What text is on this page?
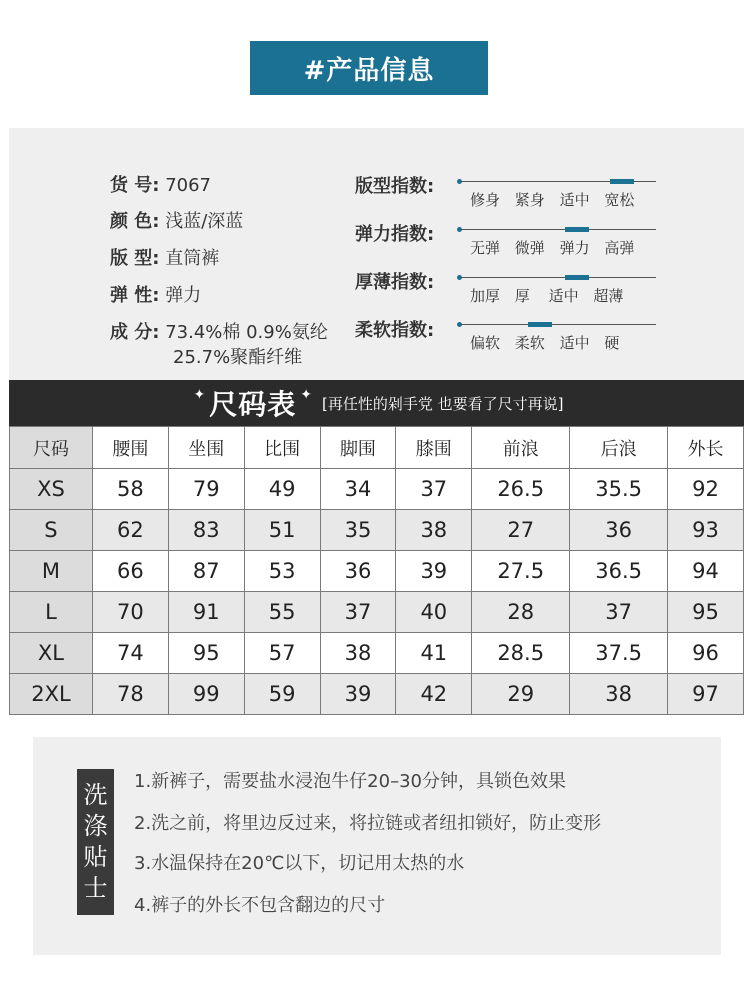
#产品信息
货 号: 7067
颜 色: 浅蓝/深蓝
版 型: 直筒裤
弹 性: 弹力
成 分: 73.4%棉 0.9%氨纶
25.7%聚酯纤维
版型指数:
修身 紧身 适中 宽松
弹力指数:
无弹 微弹 弹力 高弹
厚薄指数:
加厚 厚 适中 超薄
柔软指数:
偏软 柔软 适中 硬
✦ 尺码表 ✦ [再任性的剁手党 也要看了尺寸再说]
尺码	腰围	坐围	比围	脚围	膝围	前浪	后浪	外长
XS	58	79	49	34	37	26.5	35.5	92
S	62	83	51	35	38	27	36	93
M	66	87	53	36	39	27.5	36.5	94
L	70	91	55	37	40	28	37	95
XL	74	95	57	38	41	28.5	37.5	96
2XL	78	99	59	39	42	29	38	97
洗
涤
贴
士
1.新裤子，需要盐水浸泡牛仔20–30分钟，具锁色效果
2.洗之前，将里边反过来，将拉链或者纽扣锁好，防止变形
3.水温保持在20℃以下，切记用太热的水
4.裤子的外长不包含翻边的尺寸
